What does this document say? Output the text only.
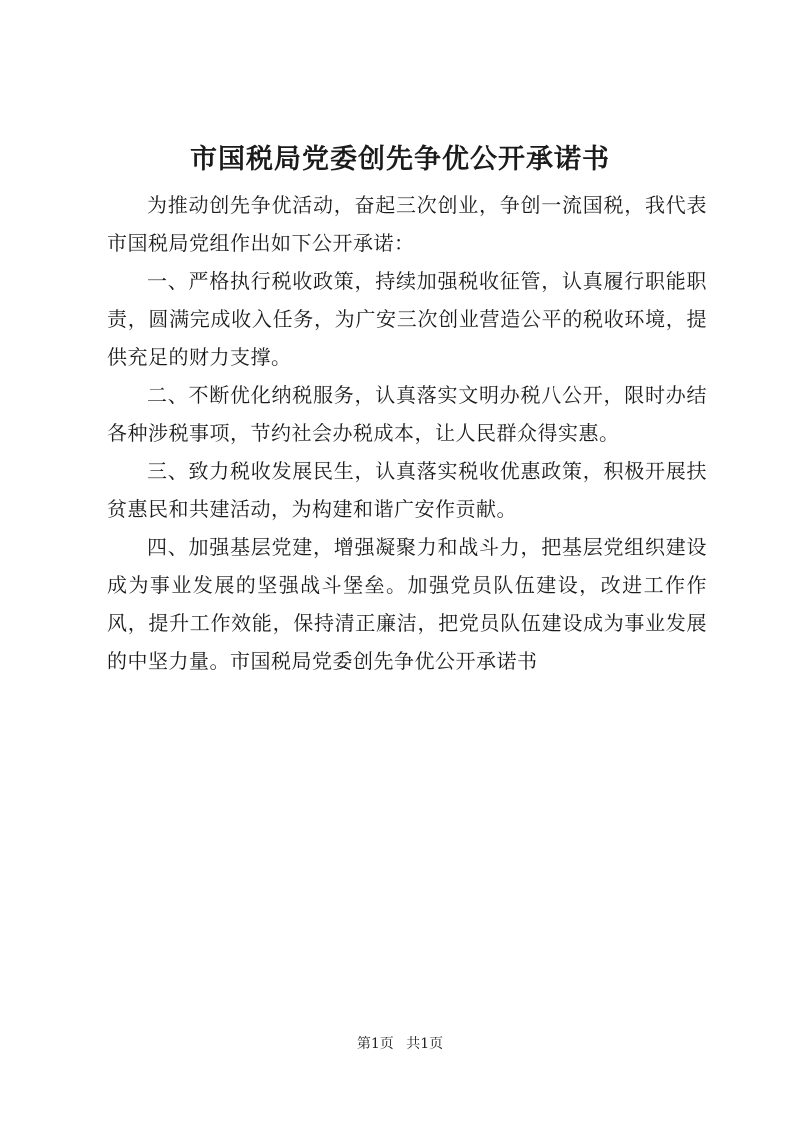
市国税局党委创先争优公开承诺书

为推动创先争优活动，奋起三次创业，争创一流国税，我代表市国税局党组作出如下公开承诺：

一、严格执行税收政策，持续加强税收征管，认真履行职能职责，圆满完成收入任务，为广安三次创业营造公平的税收环境，提供充足的财力支撑。

二、不断优化纳税服务，认真落实文明办税八公开，限时办结各种涉税事项，节约社会办税成本，让人民群众得实惠。

三、致力税收发展民生，认真落实税收优惠政策，积极开展扶贫惠民和共建活动，为构建和谐广安作贡献。

四、加强基层党建，增强凝聚力和战斗力，把基层党组织建设成为事业发展的坚强战斗堡垒。加强党员队伍建设，改进工作作风，提升工作效能，保持清正廉洁，把党员队伍建设成为事业发展的中坚力量。市国税局党委创先争优公开承诺书

第1页 共1页
